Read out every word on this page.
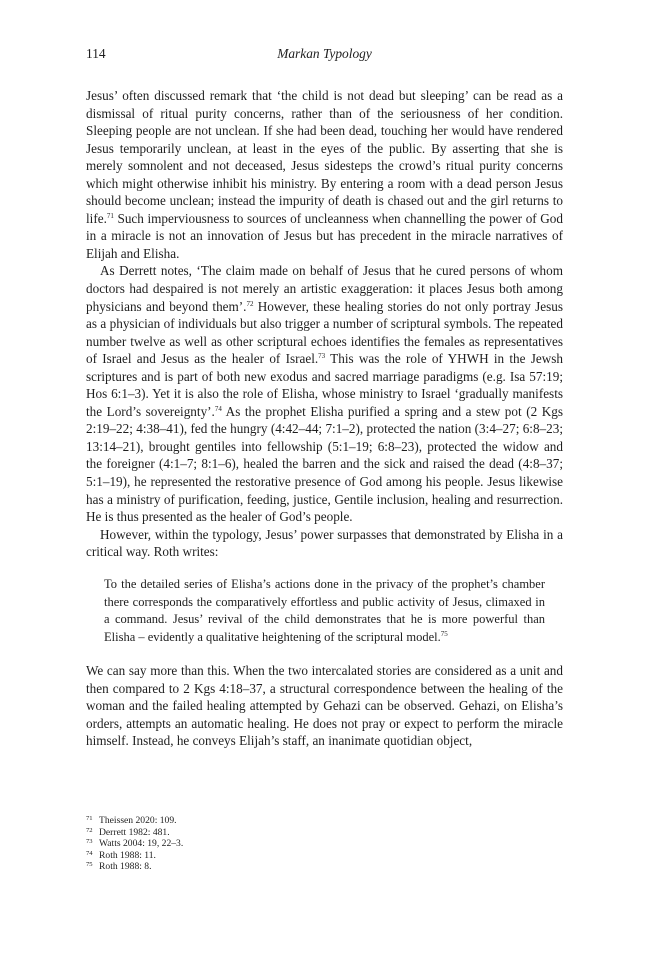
114	Markan Typology

Jesus’ often discussed remark that ‘the child is not dead but sleeping’ can be read as a dismissal of ritual purity concerns, rather than of the seriousness of her condition. Sleeping people are not unclean. If she had been dead, touching her would have rendered Jesus temporarily unclean, at least in the eyes of the public. By asserting that she is merely somnolent and not deceased, Jesus sidesteps the crowd’s ritual purity concerns which might otherwise inhibit his ministry. By entering a room with a dead person Jesus should become unclean; instead the impurity of death is chased out and the girl returns to life.$^{71}$ Such imperviousness to sources of uncleanness when channelling the power of God in a miracle is not an innovation of Jesus but has precedent in the miracle narratives of Elijah and Elisha.

As Derrett notes, ‘The claim made on behalf of Jesus that he cured persons of whom doctors had despaired is not merely an artistic exaggeration: it places Jesus both among physicians and beyond them’.$^{72}$ However, these healing stories do not only portray Jesus as a physician of individuals but also trigger a number of scriptural symbols. The repeated number twelve as well as other scriptural echoes identifies the females as representatives of Israel and Jesus as the healer of Israel.$^{73}$ This was the role of YHWH in the Jewsh scriptures and is part of both new exodus and sacred marriage paradigms (e.g. Isa 57:19; Hos 6:1–3). Yet it is also the role of Elisha, whose ministry to Israel ‘gradually manifests the Lord’s sovereignty’.$^{74}$ As the prophet Elisha purified a spring and a stew pot (2 Kgs 2:19–22; 4:38–41), fed the hungry (4:42–44; 7:1–2), protected the nation (3:4–27; 6:8–23; 13:14–21), brought gentiles into fellowship (5:1–19; 6:8–23), protected the widow and the foreigner (4:1–7; 8:1–6), healed the barren and the sick and raised the dead (4:8–37; 5:1–19), he represented the restorative presence of God among his people. Jesus likewise has a ministry of purification, feeding, justice, Gentile inclusion, healing and resurrection. He is thus presented as the healer of God’s people.

However, within the typology, Jesus’ power surpasses that demonstrated by Elisha in a critical way. Roth writes:

To the detailed series of Elisha’s actions done in the privacy of the prophet’s chamber there corresponds the comparatively effortless and public activity of Jesus, climaxed in a command. Jesus’ revival of the child demonstrates that he is more powerful than Elisha – evidently a qualitative heightening of the scriptural model.$^{75}$

We can say more than this. When the two intercalated stories are considered as a unit and then compared to 2 Kgs 4:18–37, a structural correspondence between the healing of the woman and the failed healing attempted by Gehazi can be observed. Gehazi, on Elisha’s orders, attempts an automatic healing. He does not pray or expect to perform the miracle himself. Instead, he conveys Elijah’s staff, an inanimate quotidian object,

71 Theissen 2020: 109.
72 Derrett 1982: 481.
73 Watts 2004: 19, 22–3.
74 Roth 1988: 11.
75 Roth 1988: 8.
